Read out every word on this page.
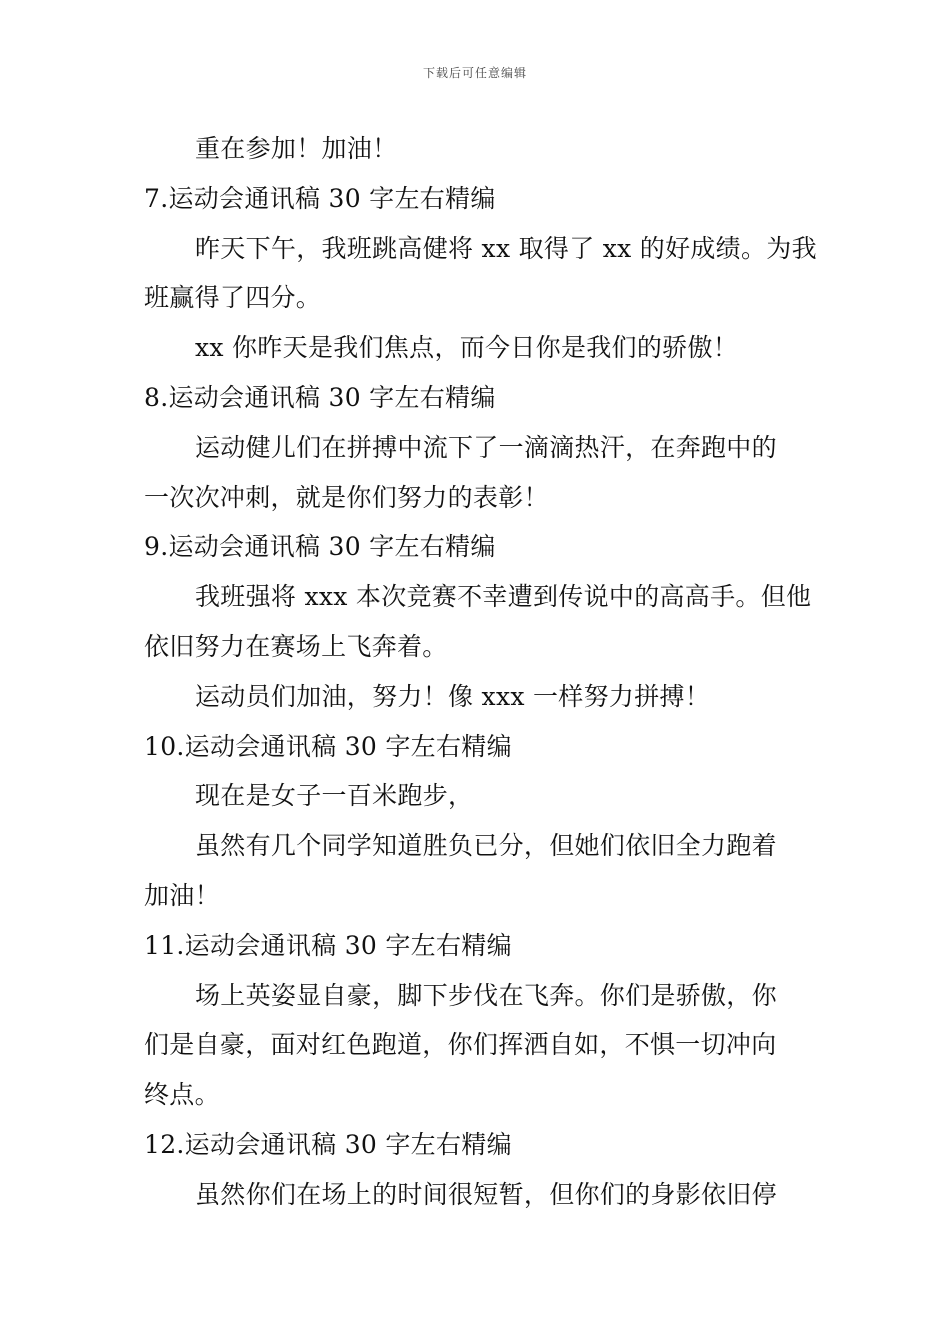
下载后可任意编辑
重在参加！加油！
7.运动会通讯稿 30 字左右精编
昨天下午，我班跳高健将 xx 取得了 xx 的好成绩。为我
班赢得了四分。
xx 你昨天是我们焦点，而今日你是我们的骄傲！
8.运动会通讯稿 30 字左右精编
运动健儿们在拼搏中流下了一滴滴热汗，在奔跑中的
一次次冲刺，就是你们努力的表彰！
9.运动会通讯稿 30 字左右精编
我班强将 xxx 本次竞赛不幸遭到传说中的高高手。但他
依旧努力在赛场上飞奔着。
运动员们加油，努力！像 xxx 一样努力拼搏！
10.运动会通讯稿 30 字左右精编
现在是女子一百米跑步，
虽然有几个同学知道胜负已分，但她们依旧全力跑着
加油！
11.运动会通讯稿 30 字左右精编
场上英姿显自豪，脚下步伐在飞奔。你们是骄傲，你
们是自豪，面对红色跑道，你们挥洒自如，不惧一切冲向
终点。
12.运动会通讯稿 30 字左右精编
虽然你们在场上的时间很短暂，但你们的身影依旧停
